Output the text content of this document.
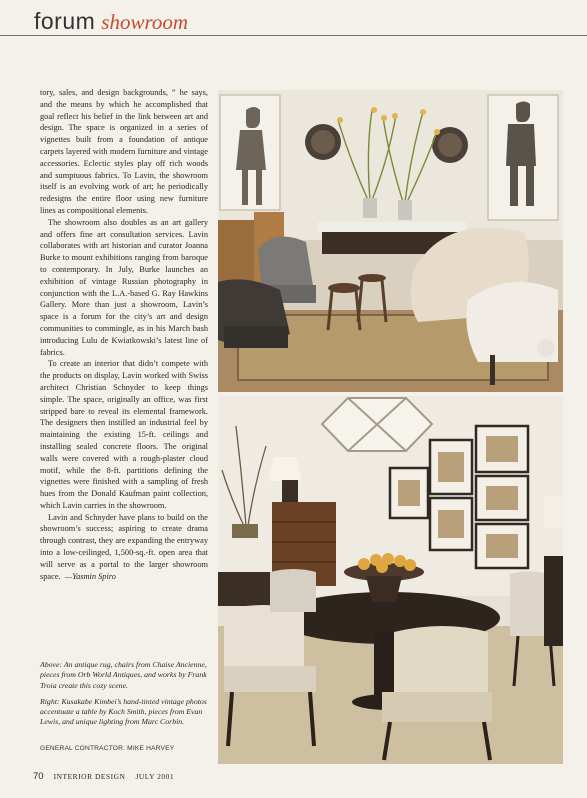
forum showroom

tory, sales, and design backgrounds, ” he says, and the means by which he accomplished that goal reflect his belief in the link between art and design. The space is organized in a series of vignettes built from a foundation of antique carpets layered with modern furniture and vintage accessories. Eclectic styles play off rich woods and sumptuous fabrics. To Lavin, the showroom itself is an evolving work of art; he periodically redesigns the entire floor using new furniture lines as compositional elements.

The showroom also doubles as an art gallery and offers fine art consultation services. Lavin collaborates with art historian and curator Joanna Burke to mount exhibitions ranging from baroque to contemporary. In July, Burke launches an exhibition of vintage Russian photography in conjunction with the L.A.-based G. Ray Hawkins Gallery. More than just a showroom, Lavin’s space is a forum for the city’s art and design communities to commingle, as in his March bash introducing Lulu de Kwiatkowski’s latest line of fabrics.

To create an interior that didn’t compete with the products on display, Lavin worked with Swiss architect Christian Schnyder to keep things simple. The space, originally an office, was first stripped bare to reveal its elemental framework. The designers then instilled an industrial feel by maintaining the existing 15-ft. ceilings and installing sealed concrete floors. The original walls were covered with a rough-plaster cloud motif, while the 8-ft. partitions defining the vignettes were finished with a sampling of fresh hues from the Donald Kaufman paint collection, which Lavin carries in the showroom.

Lavin and Schnyder have plans to build on the showroom’s success; aspiring to create drama through contrast, they are expanding the entryway into a low-ceilinged, 1,500-sq.-ft. open area that will serve as a portal to the larger showroom space. —Yasmin Spiro

Above: An antique rug, chairs from Chaise Ancienne, pieces from Orb World Antiques, and works by Frank Troia create this cozy scene.

Right: Kusakabe Kimbei’s hand-tinted vintage photos accentuate a table by Koch Smith, pieces from Evan Lewis, and unique lighting from Marc Corbin.

GENERAL CONTRACTOR: MIKE HARVEY
70 INTERIOR DESIGN JULY 2001
